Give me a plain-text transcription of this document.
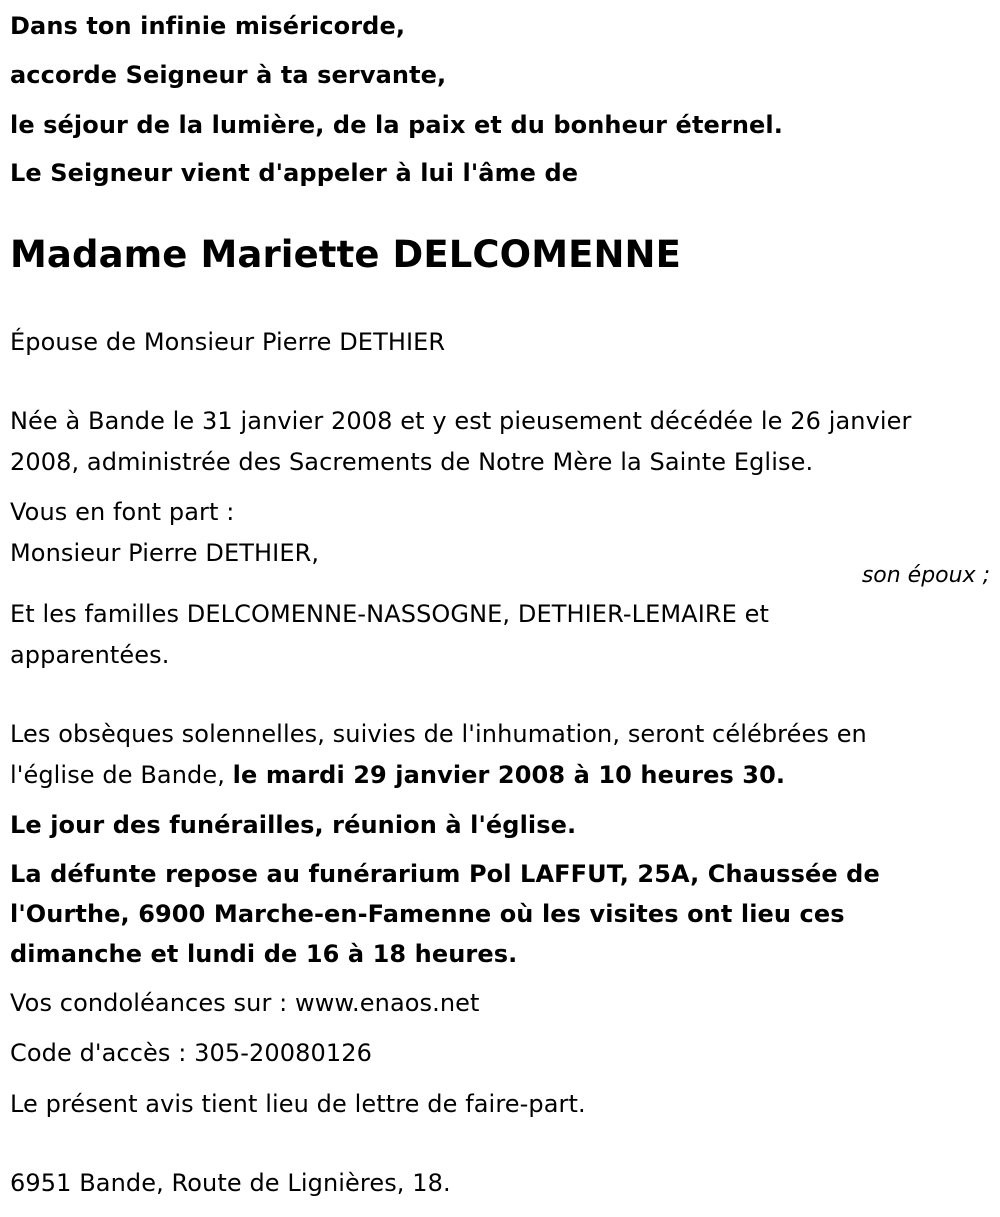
Dans ton infinie miséricorde,

accorde Seigneur à ta servante,

le séjour de la lumière, de la paix et du bonheur éternel.

Le Seigneur vient d'appeler à lui l'âme de

Madame Mariette DELCOMENNE

Épouse de Monsieur Pierre DETHIER

Née à Bande le 31 janvier 2008 et y est pieusement décédée le 26 janvier

2008, administrée des Sacrements de Notre Mère la Sainte Eglise.

Vous en font part :

Monsieur Pierre DETHIER,

son époux ;

Et les familles DELCOMENNE-NASSOGNE, DETHIER-LEMAIRE et

apparentées.

Les obsèques solennelles, suivies de l'inhumation, seront célébrées en

l'église de Bande, le mardi 29 janvier 2008 à 10 heures 30.

Le jour des funérailles, réunion à l'église.

La défunte repose au funérarium Pol LAFFUT, 25A, Chaussée de

l'Ourthe, 6900 Marche-en-Famenne où les visites ont lieu ces

dimanche et lundi de 16 à 18 heures.

Vos condoléances sur : www.enaos.net

Code d'accès : 305-20080126

Le présent avis tient lieu de lettre de faire-part.

6951 Bande, Route de Lignières, 18.
